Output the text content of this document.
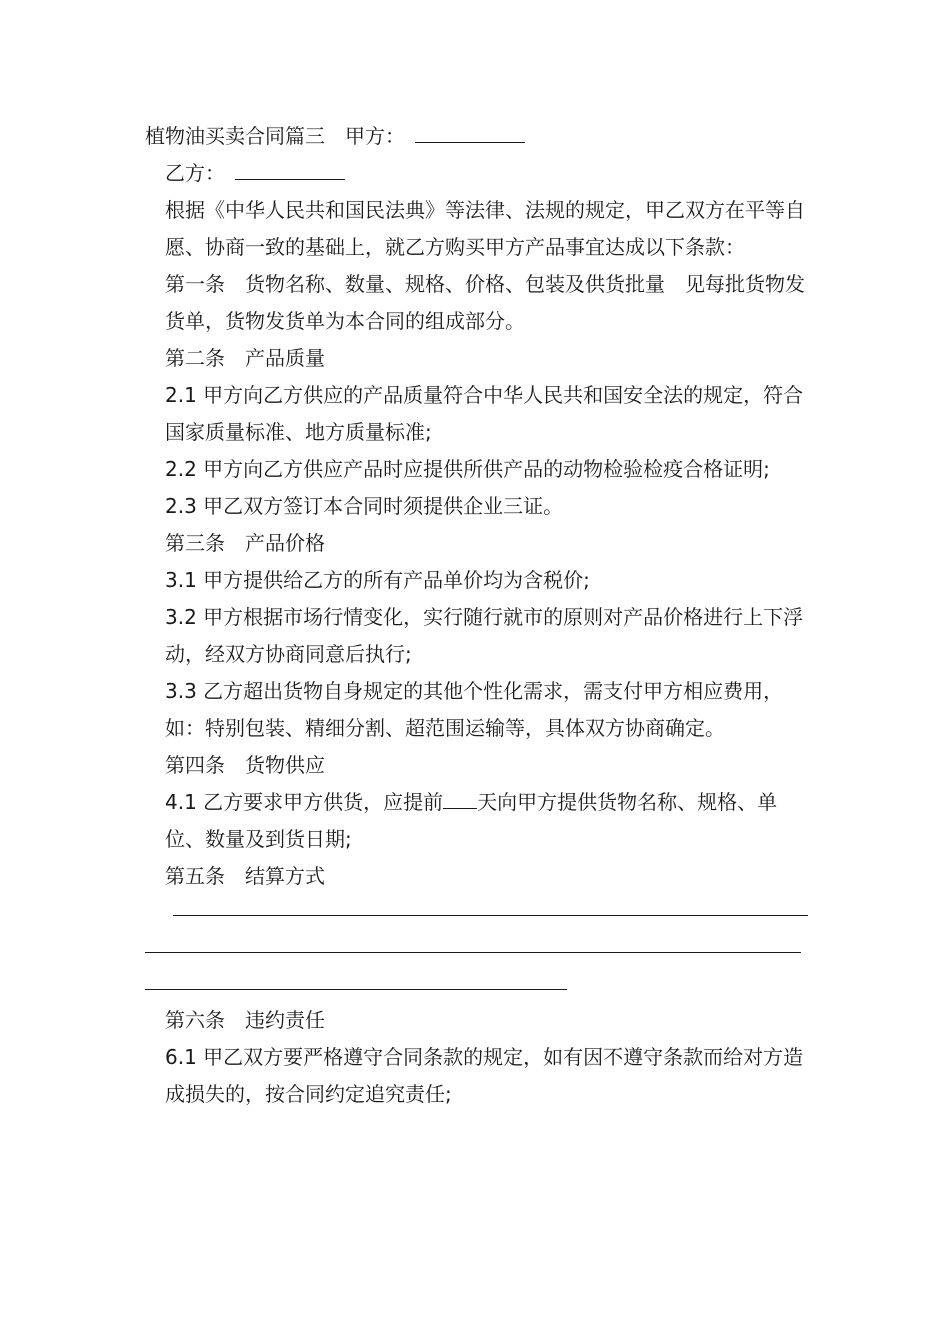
植物油买卖合同篇三　 甲方：　
乙方：　
根据《中华人民共和国民法典》等法律、法规的规定，甲乙双方在平等自愿、协商一致的基础上，就乙方购买甲方产品事宜达成以下条款：
第一条　货物名称、数量、规格、价格、包装及供货批量　见每批货物发货单，货物发货单为本合同的组成部分。
第二条　产品质量
2.1 甲方向乙方供应的产品质量符合中华人民共和国安全法的规定，符合国家质量标准、地方质量标准;
2.2 甲方向乙方供应产品时应提供所供产品的动物检验检疫合格证明;
2.3 甲乙双方签订本合同时须提供企业三证。
第三条　产品价格
3.1 甲方提供给乙方的所有产品单价均为含税价;
3.2 甲方根据市场行情变化，实行随行就市的原则对产品价格进行上下浮动，经双方协商同意后执行;
3.3 乙方超出货物自身规定的其他个性化需求，需支付甲方相应费用，如：特别包装、精细分割、超范围运输等，具体双方协商确定。
第四条　货物供应
4.1 乙方要求甲方供货，应提前 天向甲方提供货物名称、规格、单位、数量及到货日期;
第五条　结算方式
第六条　违约责任
6.1 甲乙双方要严格遵守合同条款的规定，如有因不遵守条款而给对方造成损失的，按合同约定追究责任;
